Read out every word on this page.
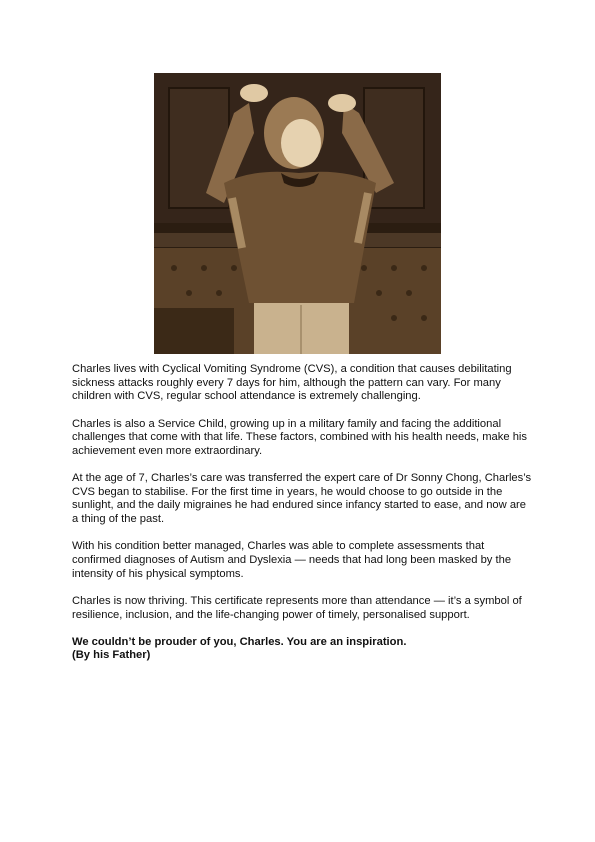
Charles lives with Cyclical Vomiting Syndrome (CVS), a condition that causes debilitating sickness attacks roughly every 7 days for him, although the pattern can vary. For many children with CVS, regular school attendance is extremely challenging.

Charles is also a Service Child, growing up in a military family and facing the additional challenges that come with that life. These factors, combined with his health needs, make his achievement even more extraordinary.

At the age of 7, Charles’s care was transferred the expert care of Dr Sonny Chong, Charles’s CVS began to stabilise. For the first time in years, he would choose to go outside in the sunlight, and the daily migraines he had endured since infancy started to ease, and now are a thing of the past.

With his condition better managed, Charles was able to complete assessments that confirmed diagnoses of Autism and Dyslexia — needs that had long been masked by the intensity of his physical symptoms.

Charles is now thriving. This certificate represents more than attendance — it’s a symbol of resilience, inclusion, and the life-changing power of timely, personalised support.

We couldn’t be prouder of you, Charles. You are an inspiration.
(By his Father)
